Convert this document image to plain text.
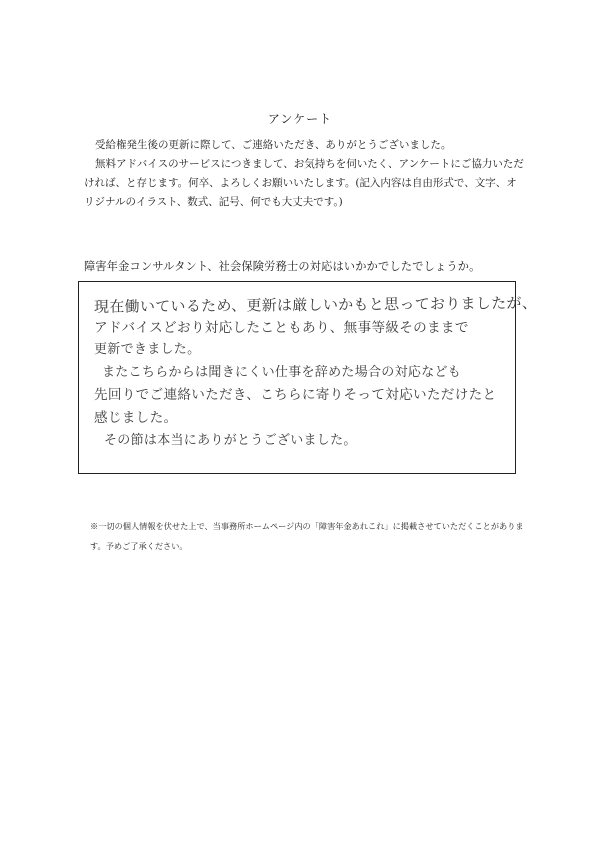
アンケート

受給権発生後の更新に際して、ご連絡いただき、ありがとうございました。

無料アドバイスのサービスにつきまして、お気持ちを伺いたく、アンケートにご協力いただければ、と存じます。何卒、よろしくお願いいたします。(記入内容は自由形式で、文字、オリジナルのイラスト、数式、記号、何でも大丈夫です。)

障害年金コンサルタント、社会保険労務士の対応はいかかでしたでしょうか。
現在働いているため、更新は厳しいかもと思っておりましたが、
アドバイスどおり対応したこともあり、無事等級そのままで
更新できました。
またこちらからは聞きにくい仕事を辞めた場合の対応なども
先回りでご連絡いただき、こちらに寄りそって対応いただけたと
感じました。
その節は本当にありがとうございました。

※一切の個人情報を伏せた上で、当事務所ホームページ内の「障害年金あれこれ」に掲載させていただくことがありま

す。予めご了承ください。
